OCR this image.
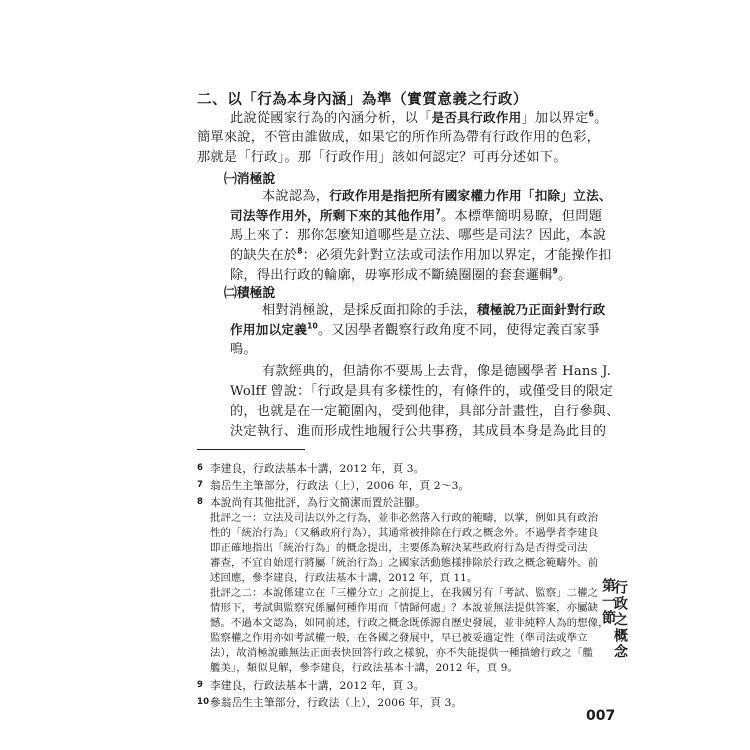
二、以「行為本身內涵」為準（實質意義之行政）
此說從國家行為的內涵分析，以「是否具行政作用」加以界定$^6$。
簡單來說，不管由誰做成，如果它的所作所為帶有行政作用的色彩，
那就是「行政」。那「行政作用」該如何認定？可再分述如下。
㈠消極說
本說認為，行政作用是指把所有國家權力作用「扣除」立法、
司法等作用外，所剩下來的其他作用$^7$。本標準簡明易瞭，但問題
馬上來了：那你怎麼知道哪些是立法、哪些是司法？因此，本說
的缺失在於$^8$：必須先針對立法或司法作用加以界定，才能操作扣
除，得出行政的輪廓，毋寧形成不斷繞圈圈的套套邏輯$^9$。
㈡積極說
相對消極說，是採反面扣除的手法，積極說乃正面針對行政
作用加以定義$^{10}$。又因學者觀察行政角度不同，使得定義百家爭
鳴。
有款經典的，但請你不要馬上去背，像是德國學者 Hans J.
Wolff 曾說：「行政是具有多樣性的，有條件的，或僅受目的限定
的，也就是在一定範圍內，受到他律，具部分計畫性，自行參與、
決定執行、進而形成性地履行公共事務，其成員本身是為此目的
6 李建良，行政法基本十講，2012 年，頁 3。
7 翁岳生主筆部分，行政法（上），2006 年，頁 2～3。
8 本說尚有其他批評，為行文簡潔而置於註腳。
批評之一：立法及司法以外之行為，並非必然落入行政的範疇，以掌，例如具有政治
性的「統治行為」（又稱政府行為），其通常被排除在行政之概念外。不過學者李建良
即正確地指出「統治行為」的概念提出，主要係為解決某些政府行為是否得受司法
審查，不宜自始逕行將屬「統治行為」之國家活動態樣排除於行政之概念範疇外。前
述回應，參李建良，行政法基本十講，2012 年，頁 11。
批評之二：本說係建立在「三權分立」之前提上，在我國另有「考試、監察」二權之
情形下，考試與監察究係屬何種作用而「情歸何處」？本說並無法提供答案，亦屬缺
憾。不過本文認為，如同前述，行政之概念既係源自歷史發展，並非純粹人為的想像，
監察權之作用亦如考試權一般，在各國之發展中，早已被妥適定性（準司法或準立
法），故消極說雖無法正面表快回答行政之樣貌，亦不失能提供一種描繪行政之「艦
艦美」，類似見解，參李建良，行政法基本十講，2012 年，頁 9。
9 李建良，行政法基本十講，2012 年，頁 3。
10 參翁岳生主筆部分，行政法（上），2006 年，頁 3。
第一節
行政之概念
007
